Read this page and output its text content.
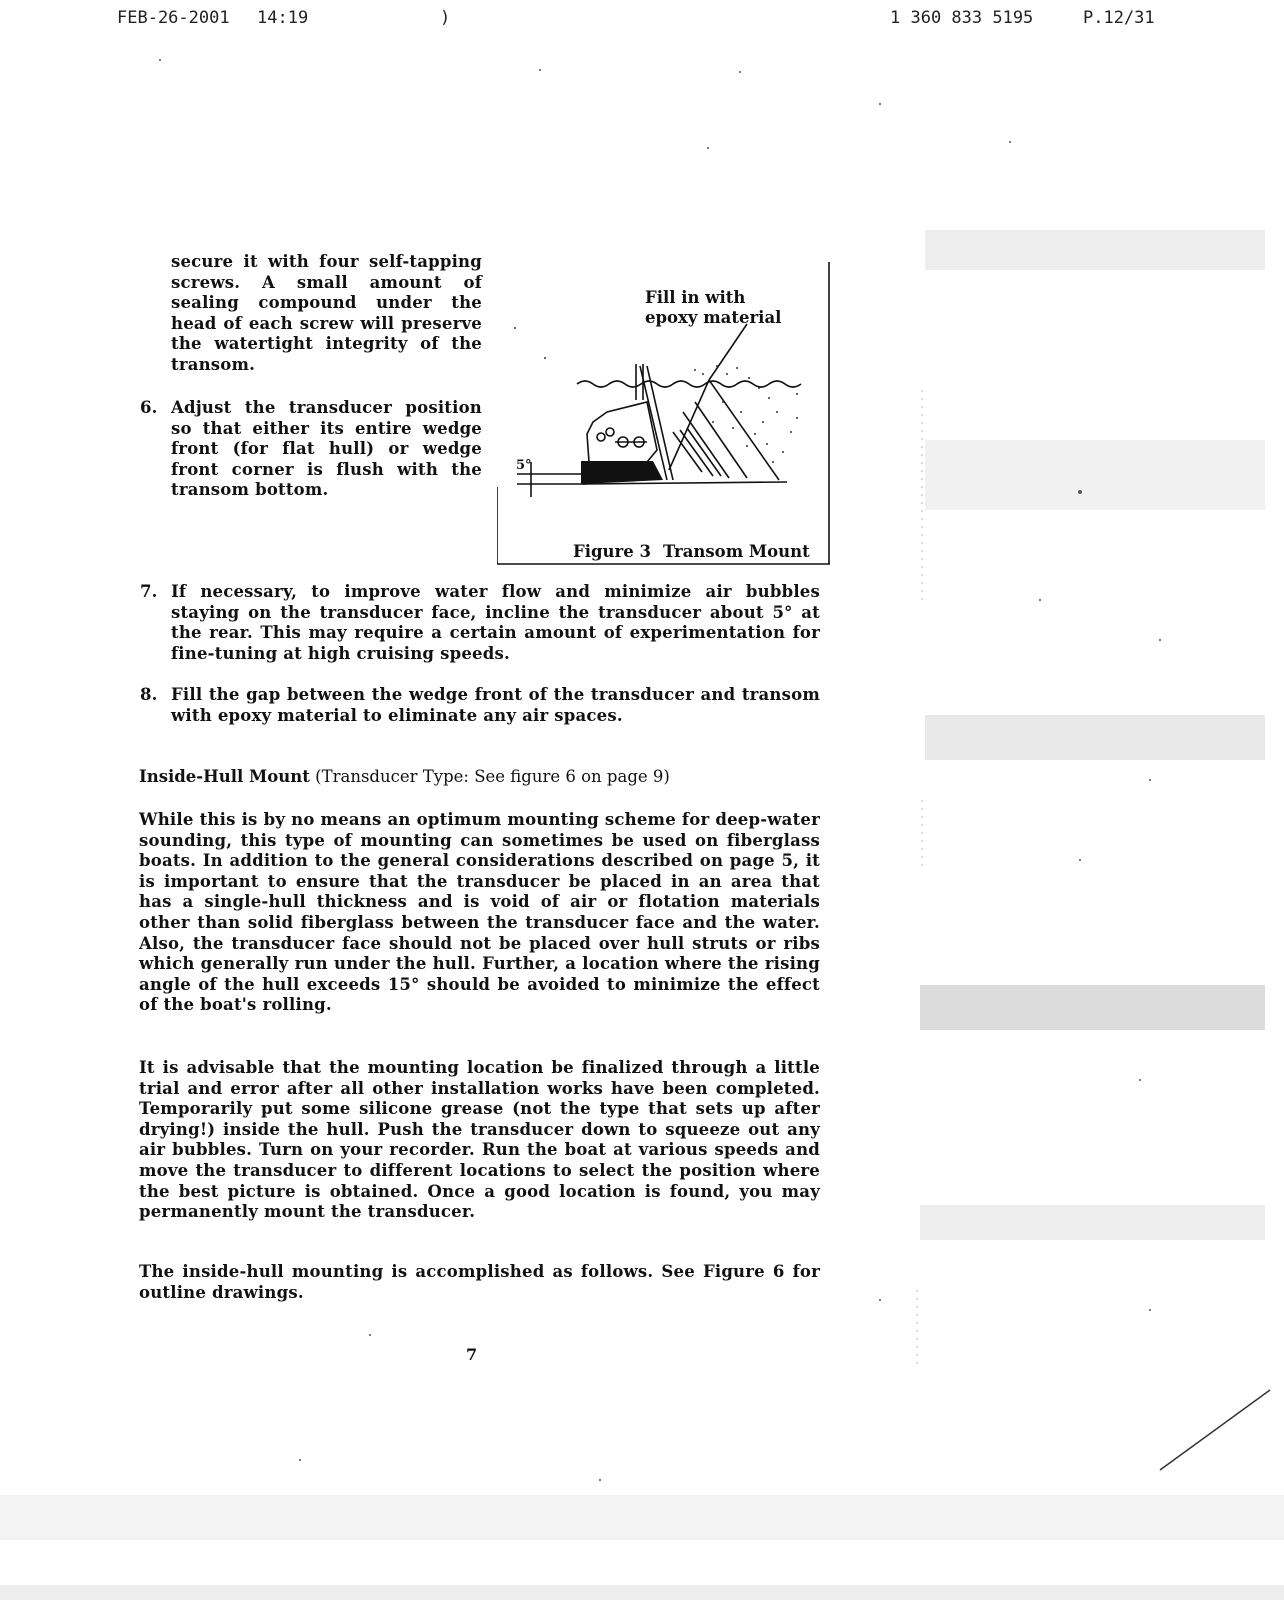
FEB-26-2001 14:19	)	1 360 833 5195	P.12/31
secure it with four self-tapping screws. A small amount of sealing compound under the head of each screw will preserve the watertight integrity of the transom.
6. Adjust the transducer position so that either its entire wedge front (for flat hull) or wedge front corner is flush with the transom bottom.
Fill in with
epoxy material
5°
Figure 3 Transom Mount
7. If necessary, to improve water flow and minimize air bubbles staying on the transducer face, incline the transducer about 5° at the rear. This may require a certain amount of experimentation for fine-tuning at high cruising speeds.
8. Fill the gap between the wedge front of the transducer and transom with epoxy material to eliminate any air spaces.
Inside-Hull Mount (Transducer Type: See figure 6 on page 9)
While this is by no means an optimum mounting scheme for deep-water sounding, this type of mounting can sometimes be used on fiberglass boats. In addition to the general considerations described on page 5, it is important to ensure that the transducer be placed in an area that has a single-hull thickness and is void of air or flotation materials other than solid fiberglass between the transducer face and the water. Also, the transducer face should not be placed over hull struts or ribs which generally run under the hull. Further, a location where the rising angle of the hull exceeds 15° should be avoided to minimize the effect of the boat's rolling.
It is advisable that the mounting location be finalized through a little trial and error after all other installation works have been completed. Temporarily put some silicone grease (not the type that sets up after drying!) inside the hull. Push the transducer down to squeeze out any air bubbles. Turn on your recorder. Run the boat at various speeds and move the transducer to different locations to select the position where the best picture is obtained. Once a good location is found, you may permanently mount the transducer.
The inside-hull mounting is accomplished as follows. See Figure 6 for outline drawings.
7
